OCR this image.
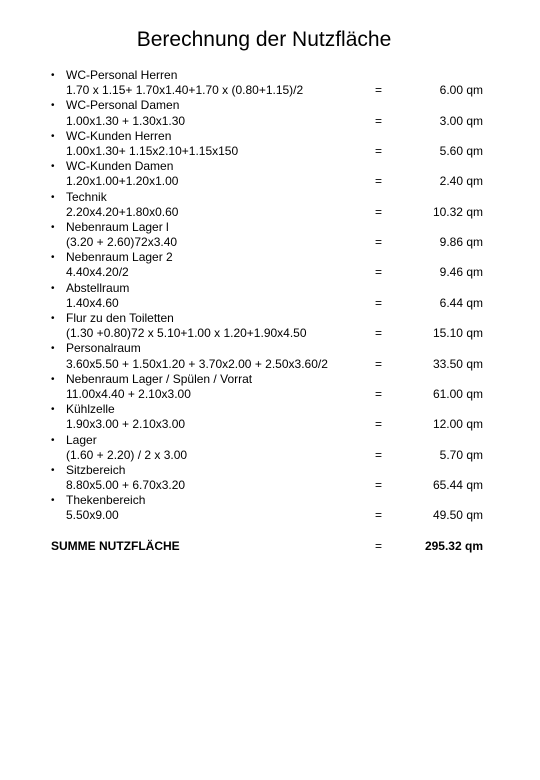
Berechnung der Nutzfläche
• WC-Personal Herren
1.70 x 1.15+ 1.70x1.40+1.70 x (0.80+1.15)/2	=	6.00 qm
• WC-Personal Damen
1.00x1.30 + 1.30x1.30	=	3.00 qm
• WC-Kunden Herren
1.00x1.30+ 1.15x2.10+1.15x150	=	5.60 qm
• WC-Kunden Damen
1.20x1.00+1.20x1.00	=	2.40 qm
• Technik
2.20x4.20+1.80x0.60	=	10.32 qm
• Nebenraum Lager l
(3.20 + 2.60)72x3.40	=	9.86 qm
• Nebenraum Lager 2
4.40x4.20/2	=	9.46 qm
• Abstellraum
1.40x4.60	=	6.44 qm
• Flur zu den Toiletten
(1.30 +0.80)72 x 5.10+1.00 x 1.20+1.90x4.50	=	15.10 qm
• Personalraum
3.60x5.50 + 1.50x1.20 + 3.70x2.00 + 2.50x3.60/2	=	33.50 qm
• Nebenraum Lager / Spülen / Vorrat
11.00x4.40 + 2.10x3.00	=	61.00 qm
• Kühlzelle
1.90x3.00 + 2.10x3.00	=	12.00 qm
• Lager
(1.60 + 2.20) / 2 x 3.00	=	5.70 qm
• Sitzbereich
8.80x5.00 + 6.70x3.20	=	65.44 qm
• Thekenbereich
5.50x9.00	=	49.50 qm
SUMME NUTZFLÄCHE	=	295.32 qm
